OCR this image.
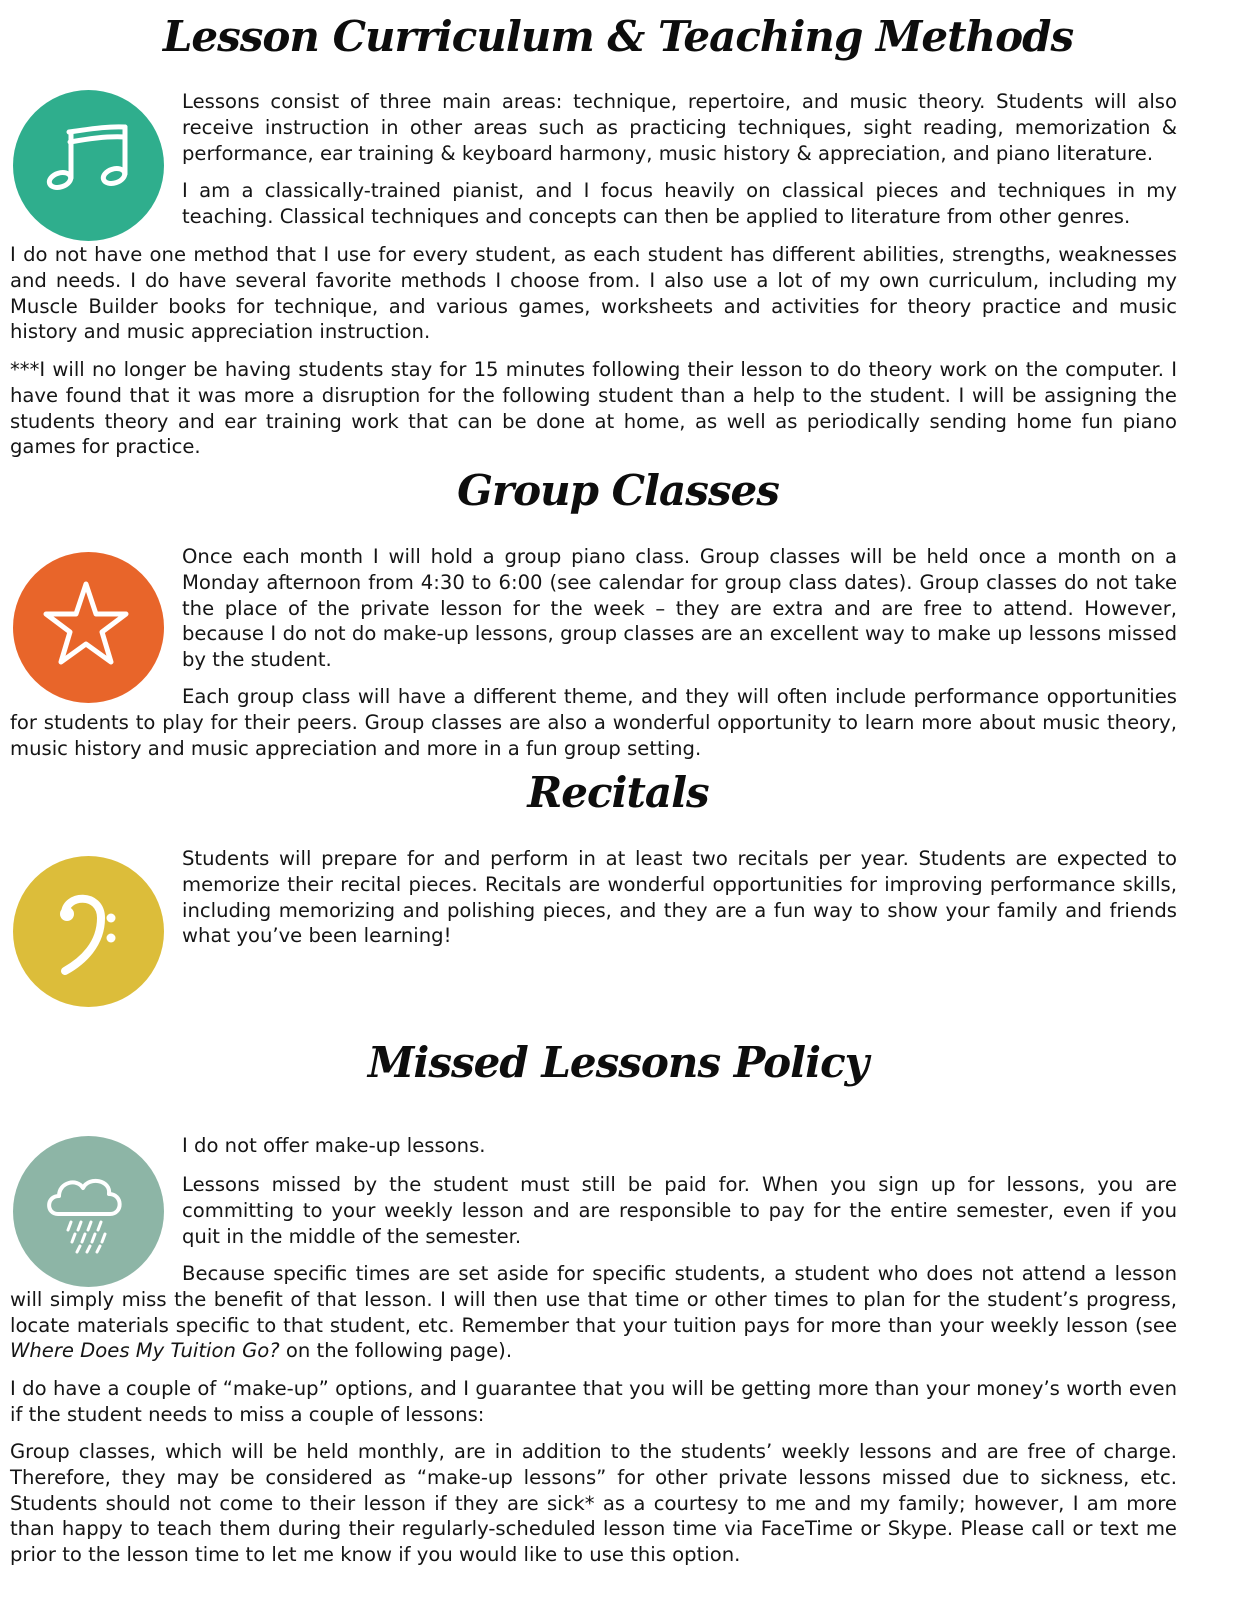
Lesson Curriculum & Teaching Methods

Lessons consist of three main areas: technique, repertoire, and music theory. Students will also receive instruction in other areas such as practicing techniques, sight reading, memorization & performance, ear training & keyboard harmony, music history & appreciation, and piano literature.

I am a classically-trained pianist, and I focus heavily on classical pieces and techniques in my teaching. Classical techniques and concepts can then be applied to literature from other genres.

I do not have one method that I use for every student, as each student has different abilities, strengths, weaknesses and needs. I do have several favorite methods I choose from. I also use a lot of my own curriculum, including my Muscle Builder books for technique, and various games, worksheets and activities for theory practice and music history and music appreciation instruction.

***I will no longer be having students stay for 15 minutes following their lesson to do theory work on the computer. I have found that it was more a disruption for the following student than a help to the student. I will be assigning the students theory and ear training work that can be done at home, as well as periodically sending home fun piano games for practice.

Group Classes

Once each month I will hold a group piano class. Group classes will be held once a month on a Monday afternoon from 4:30 to 6:00 (see calendar for group class dates). Group classes do not take the place of the private lesson for the week – they are extra and are free to attend. However, because I do not do make-up lessons, group classes are an excellent way to make up lessons missed by the student.

Each group class will have a different theme, and they will often include performance opportunities for students to play for their peers. Group classes are also a wonderful opportunity to learn more about music theory, music history and music appreciation and more in a fun group setting.

Recitals

Students will prepare for and perform in at least two recitals per year. Students are expected to memorize their recital pieces. Recitals are wonderful opportunities for improving performance skills, including memorizing and polishing pieces, and they are a fun way to show your family and friends what you’ve been learning!

Missed Lessons Policy

I do not offer make-up lessons.

Lessons missed by the student must still be paid for. When you sign up for lessons, you are committing to your weekly lesson and are responsible to pay for the entire semester, even if you quit in the middle of the semester.

Because specific times are set aside for specific students, a student who does not attend a lesson will simply miss the benefit of that lesson. I will then use that time or other times to plan for the student’s progress, locate materials specific to that student, etc. Remember that your tuition pays for more than your weekly lesson (see Where Does My Tuition Go? on the following page).

I do have a couple of “make-up” options, and I guarantee that you will be getting more than your money’s worth even if the student needs to miss a couple of lessons:

Group classes, which will be held monthly, are in addition to the students’ weekly lessons and are free of charge. Therefore, they may be considered as “make-up lessons” for other private lessons missed due to sickness, etc. Students should not come to their lesson if they are sick* as a courtesy to me and my family; however, I am more than happy to teach them during their regularly-scheduled lesson time via FaceTime or Skype. Please call or text me prior to the lesson time to let me know if you would like to use this option.
